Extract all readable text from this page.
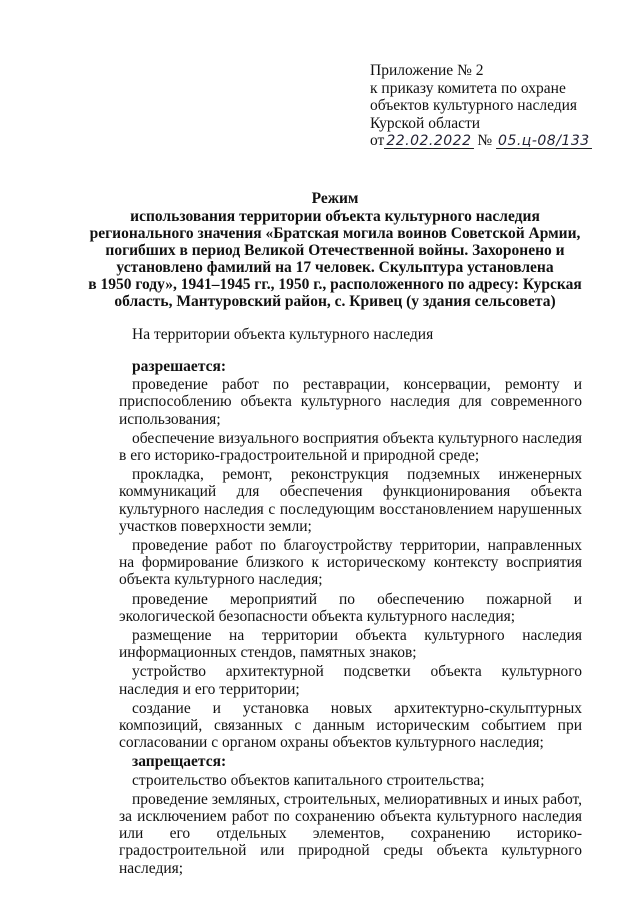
Приложение № 2
к приказу комитета по охране
объектов культурного наследия
Курской области
от 22.02.2022 № 05.ц-08/133
Режим
использования территории объекта культурного наследия
регионального значения «Братская могила воинов Советской Армии,
погибших в период Великой Отечественной войны. Захоронено и
установлено фамилий на 17 человек. Скульптура установлена
в 1950 году», 1941–1945 гг., 1950 г., расположенного по адресу: Курская
область, Мантуровский район, с. Кривец (у здания сельсовета)
На территории объекта культурного наследия
разрешается:
проведение работ по реставрации, консервации, ремонту и приспособлению объекта культурного наследия для современного использования;
обеспечение визуального восприятия объекта культурного наследия в его историко-градостроительной и природной среде;
прокладка, ремонт, реконструкция подземных инженерных коммуникаций для обеспечения функционирования объекта культурного наследия с последующим восстановлением нарушенных участков поверхности земли;
проведение работ по благоустройству территории, направленных на формирование близкого к историческому контексту восприятия объекта культурного наследия;
проведение мероприятий по обеспечению пожарной и экологической безопасности объекта культурного наследия;
размещение на территории объекта культурного наследия информационных стендов, памятных знаков;
устройство архитектурной подсветки объекта культурного наследия и его территории;
создание и установка новых архитектурно-скульптурных композиций, связанных с данным историческим событием при согласовании с органом охраны объектов культурного наследия;
запрещается:
строительство объектов капитального строительства;
проведение земляных, строительных, мелиоративных и иных работ, за исключением работ по сохранению объекта культурного наследия или его отдельных элементов, сохранению историко-градостроительной или природной среды объекта культурного наследия;
